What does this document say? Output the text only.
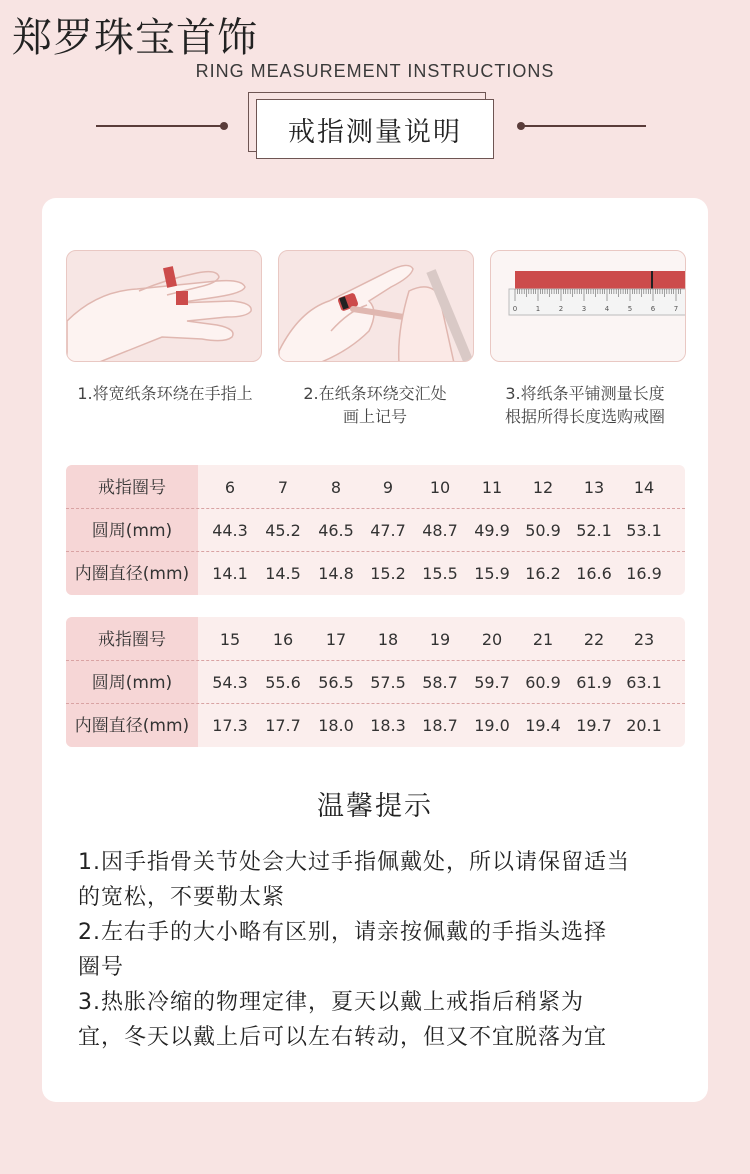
郑罗珠宝首饰
RING MEASUREMENT INSTRUCTIONS
戒指测量说明
0	1	2	3	4	5	6	7
1.将宽纸条环绕在手指上	2.在纸条环绕交汇处
画上记号
3.将纸条平铺测量长度
根据所得长度选购戒圈
戒指圈号	6	7	8	9	10	11	12	13	14
圆周(mm)	44.3	45.2	46.5	47.7	48.7	49.9 50.9 52.1 53.1
内圈直径(mm)	14.1	14.5	14.8	15.2	15.5	15.9 16.2 16.6 16.9
戒指圈号	15	16	17	18	19	20	21	22	23
圆周(mm)	54.3	55.6	56.5	57.5	58.7	59.7 60.9 61.9 63.1
内圈直径(mm)	17.3	17.7	18.0	18.3	18.7	19.0 19.4 19.7 20.1
温馨提示
1.因手指骨关节处会大过手指佩戴处，所以请保留适当
的宽松，不要勒太紧
2.左右手的大小略有区别，请亲按佩戴的手指头选择
圈号
3.热胀冷缩的物理定律，夏天以戴上戒指后稍紧为
宜，冬天以戴上后可以左右转动，但又不宜脱落为宜
